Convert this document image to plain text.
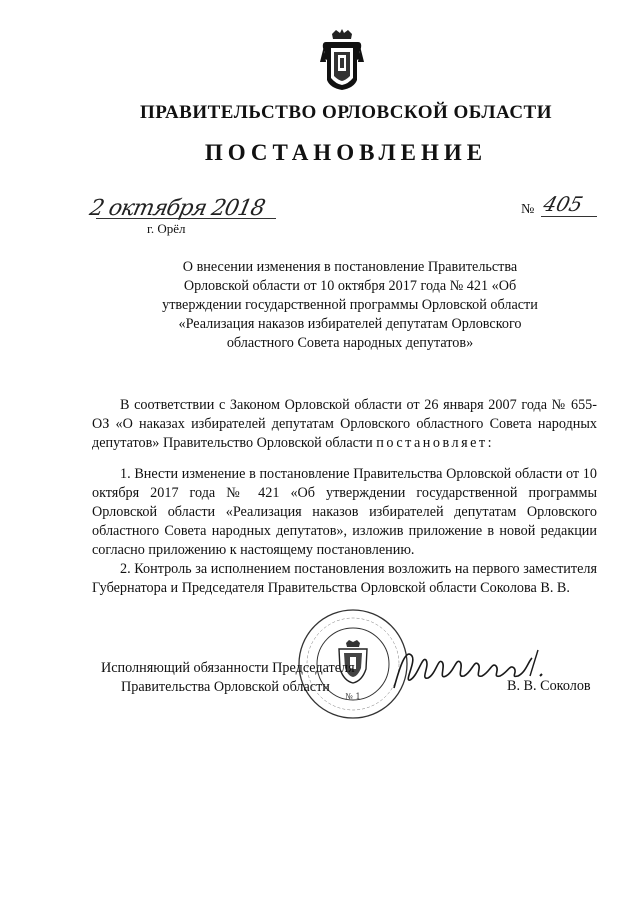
ПРАВИТЕЛЬСТВО ОРЛОВСКОЙ ОБЛАСТИ
ПОСТАНОВЛЕНИЕ
2 октября 2018
г. Орёл
№ 405
О внесении изменения в постановление Правительства Орловской области от 10 октября 2017 года № 421 «Об утверждении государственной программы Орловской области «Реализация наказов избирателей депутатам Орловского областного Совета народных депутатов»
В соответствии с Законом Орловской области от 26 января 2007 года № 655-ОЗ «О наказах избирателей депутатам Орловского областного Совета народных депутатов» Правительство Орловской области постановляет:
1. Внести изменение в постановление Правительства Орловской области от 10 октября 2017 года № 421 «Об утверждении государственной программы Орловской области «Реализация наказов избирателей депутатам Орловского областного Совета народных депутатов», изложив приложение в новой редакции согласно приложению к настоящему постановлению.
2. Контроль за исполнением постановления возложить на первого заместителя Губернатора и Председателя Правительства Орловской области Соколова В. В.
№ 1
Исполняющий обязанности Председателя
Правительства Орловской области	В. В. Соколов
